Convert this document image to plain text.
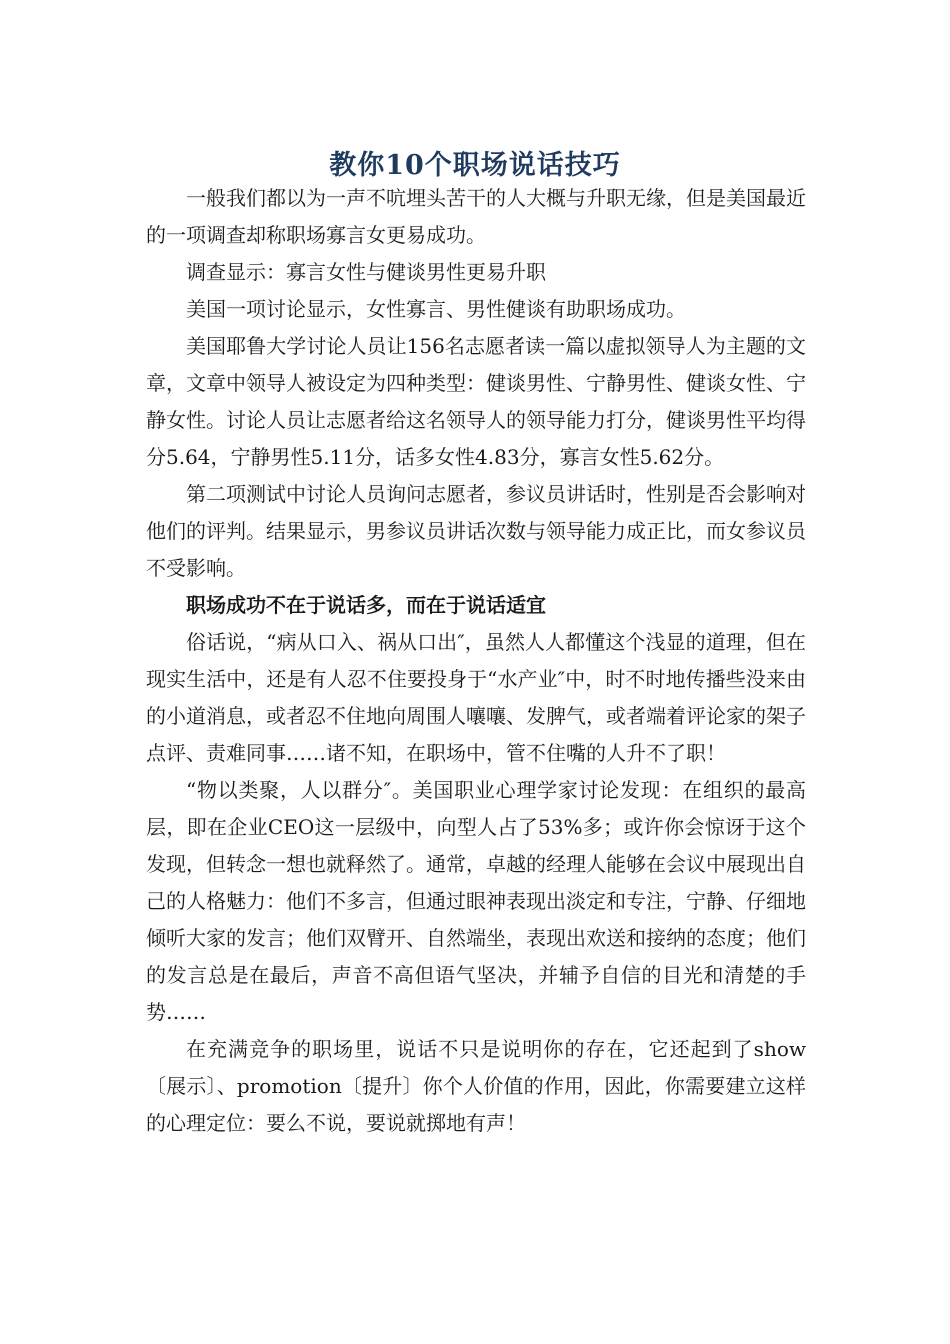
教你10个职场说话技巧

一般我们都以为一声不吭埋头苦干的人大概与升职无缘，但是美国最近的一项调查却称职场寡言女更易成功。

调查显示：寡言女性与健谈男性更易升职

美国一项讨论显示，女性寡言、男性健谈有助职场成功。

美国耶鲁大学讨论人员让156名志愿者读一篇以虚拟领导人为主题的文章，文章中领导人被设定为四种类型：健谈男性、宁静男性、健谈女性、宁静女性。讨论人员让志愿者给这名领导人的领导能力打分，健谈男性平均得分5.64，宁静男性5.11分，话多女性4.83分，寡言女性5.62分。

第二项测试中讨论人员询问志愿者，参议员讲话时，性别是否会影响对他们的评判。结果显示，男参议员讲话次数与领导能力成正比，而女参议员不受影响。

职场成功不在于说话多，而在于说话适宜

俗话说，“病从口入、祸从口出″，虽然人人都懂这个浅显的道理，但在现实生活中，还是有人忍不住要投身于“水产业″中，时不时地传播些没来由的小道消息，或者忍不住地向周围人嚷嚷、发脾气，或者端着评论家的架子点评、责难同事……诸不知，在职场中，管不住嘴的人升不了职！

“物以类聚，人以群分″。美国职业心理学家讨论发现：在组织的最高层，即在企业CEO这一层级中，向型人占了53%多；或许你会惊讶于这个发现，但转念一想也就释然了。通常，卓越的经理人能够在会议中展现出自己的人格魅力：他们不多言，但通过眼神表现出淡定和专注，宁静、仔细地倾听大家的发言；他们双臂开、自然端坐，表现出欢送和接纳的态度；他们的发言总是在最后，声音不高但语气坚决，并辅予自信的目光和清楚的手势……

在充满竞争的职场里，说话不只是说明你的存在，它还起到了show〔展示〕、promotion〔提升〕你个人价值的作用，因此，你需要建立这样的心理定位：要么不说，要说就掷地有声！
